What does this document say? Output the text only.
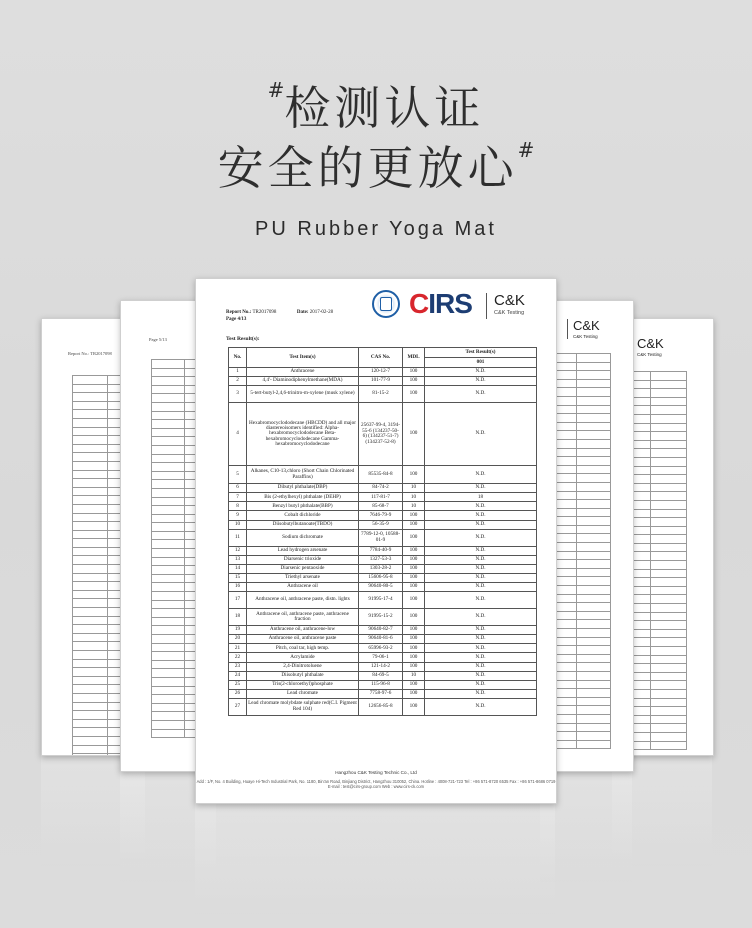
#检测认证
安全的更放心#
PU Rubber Yoga Mat
Report No.: TR2017098

Page 5/13

		C&K
C&K Testing

C&K
C&K Testing

CIRS C&K
C&K Testing
Report No.: TR2017098	Date: 2017-02-28
Page 4/13
Test Result(s):
No.	Test Item(s)	CAS No.	MDL	Test Result(s)
				001
1	Anthracene	120-12-7	100	N.D.
2	4,4'- Diaminodiphenylmethane(MDA)	101-77-9	100	N.D.
3	5-tert-butyl-2,4,6-trinitro-m-xylene (musk xylene)	81-15-2	100	N.D.
4	Hexabromocyclododecane (HBCDD) and all major diastereoisomers identified: Alpha-hexabromocyclododecane Beta-hexabromocyclododecane Gamma-hexabromocyclododecane	25637-99-4, 3194-55-6 (134237-50-6) (134237-51-7) (134237-52-8)	100	N.D.
5	Alkanes, C10-13,chloro (Short Chain Chlorinated Paraffins)	85535-84-8	100	N.D.
6	Dibutyl phthalate(DBP)	84-74-2	10	N.D.
7	Bis (2-ethylhexyl) phthalate (DEHP)	117-81-7	10	18
8	Benzyl butyl phthalate(BBP)	85-68-7	10	N.D.
9	Cobalt dichloride	7646-79-9	100	N.D.
10	Diisobutylbutanoate(TBDO)	56-35-9	100	N.D.
11	Sodium dichromate	7789-12-0, 10588-01-9	100	N.D.
12	Lead hydrogen arsenate	7784-40-9	100	N.D.
13	Diarsenic trioxide	1327-53-3	100	N.D.
14	Diarsenic pentaoxide	1303-28-2	100	N.D.
15	Triethyl arsenate	15606-95-8	100	N.D.
16	Anthracene oil	90640-80-5	100	N.D.
17	Anthracene oil, anthracene paste, distn. lights	91995-17-4	100	N.D.
18	Anthracene oil, anthracene paste, anthracene fraction	91995-15-2	100	N.D.
19	Anthracene oil, anthracene-low	90640-82-7	100	N.D.
20	Anthracene oil, anthracene paste	90640-81-6	100	N.D.
21	Pitch, coal tar, high temp.	65996-93-2	100	N.D.
22	Acrylamide	79-06-1	100	N.D.
23	2,4-Dinitrotoluene	121-14-2	100	N.D.
24	Diisobutyl phthalate	84-69-5	10	N.D.
25	Tris(2-chloroethyl)phosphate	115-96-8	100	N.D.
26	Lead chromate	7758-97-6	100	N.D.
27	Lead chromate molybdate sulphate red(C.I. Pigment Red 104)	12656-85-8	100	N.D.
Hangzhou C&K Testing Technic Co., Ltd
Add : 1/F, No. 4 Building, Huaye Hi-Tech Industrial Park, No. 1180, Bin'an Road, Binjiang District, Hangzhou 310052, China. Hotline : 4008-721-723 Tel : +86 571-8720 6535 Fax : +86 571-8686 0719 E-mail : test@cirs-group.com Web : www.cirs-ck.com
